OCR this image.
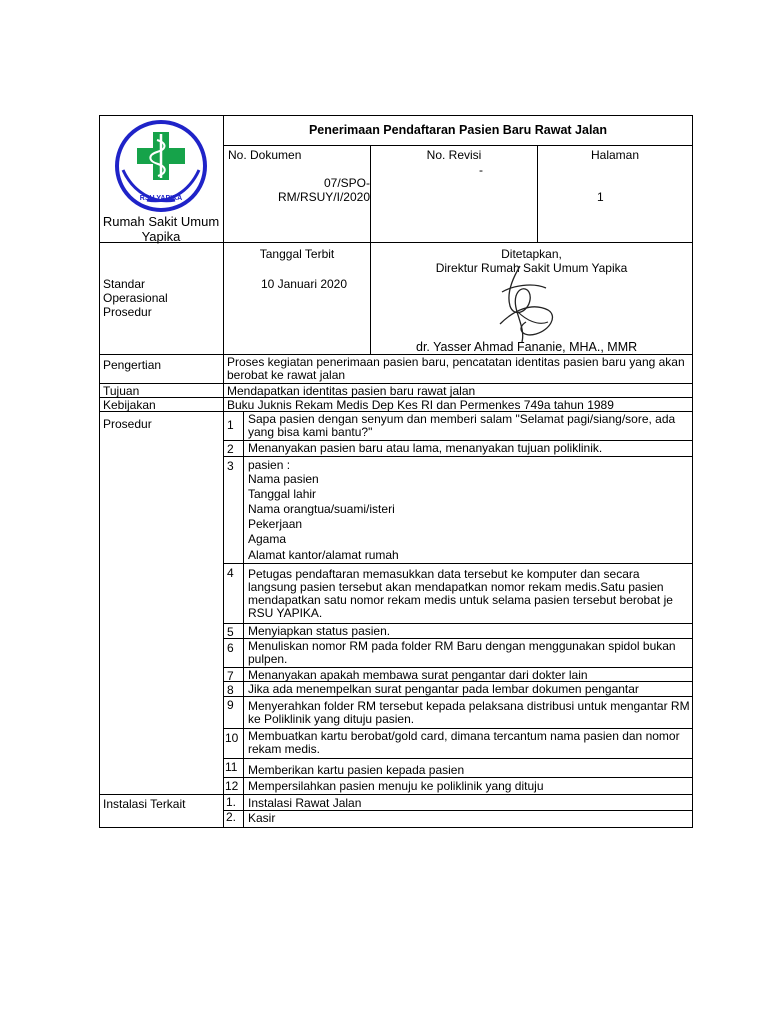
RSU YAPIKA
Rumah Sakit Umum Yapika
Penerimaan Pendaftaran Pasien Baru Rawat Jalan
No. Dokumen
07/SPO-RM/RSUY/I/2020
No. Revisi
-
Halaman
1
Standar Operasional Prosedur
Tanggal Terbit
10 Januari 2020
Ditetapkan,
Direktur Rumah Sakit Umum Yapika
dr. Yasser Ahmad Fananie, MHA., MMR
Pengertian	Proses kegiatan penerimaan pasien baru, pencatatan identitas pasien baru yang akan berobat ke rawat jalan
Tujuan	Mendapatkan identitas pasien baru rawat jalan
Kebijakan	Buku Juknis Rekam Medis Dep Kes RI dan Permenkes 749a tahun 1989
Prosedur	1 Sapa pasien dengan senyum dan memberi salam "Selamat pagi/siang/sore, ada yang bisa kami bantu?"
2 Menanyakan pasien baru atau lama, menanyakan tujuan poliklinik.
3 pasien :
Nama pasien
Tanggal lahir
Nama orangtua/suami/isteri
Pekerjaan
Agama
Alamat kantor/alamat rumah
4 Petugas pendaftaran memasukkan data tersebut ke komputer dan secara langsung pasien tersebut akan mendapatkan nomor rekam medis.Satu pasien mendapatkan satu nomor rekam medis untuk selama pasien tersebut berobat je RSU YAPIKA.
5 Menyiapkan status pasien.
6 Menuliskan nomor RM pada folder RM Baru dengan menggunakan spidol bukan pulpen.
7 Menanyakan apakah membawa surat pengantar dari dokter lain
8 Jika ada menempelkan surat pengantar pada lembar dokumen pengantar
9 Menyerahkan folder RM tersebut kepada pelaksana distribusi untuk mengantar RM ke Poliklinik yang dituju pasien.
10 Membuatkan kartu berobat/gold card, dimana tercantum nama pasien dan nomor rekam medis.
11 Memberikan kartu pasien kepada pasien
12 Mempersilahkan pasien menuju ke poliklinik yang dituju
Instalasi Terkait	1. Instalasi Rawat Jalan
2. Kasir
